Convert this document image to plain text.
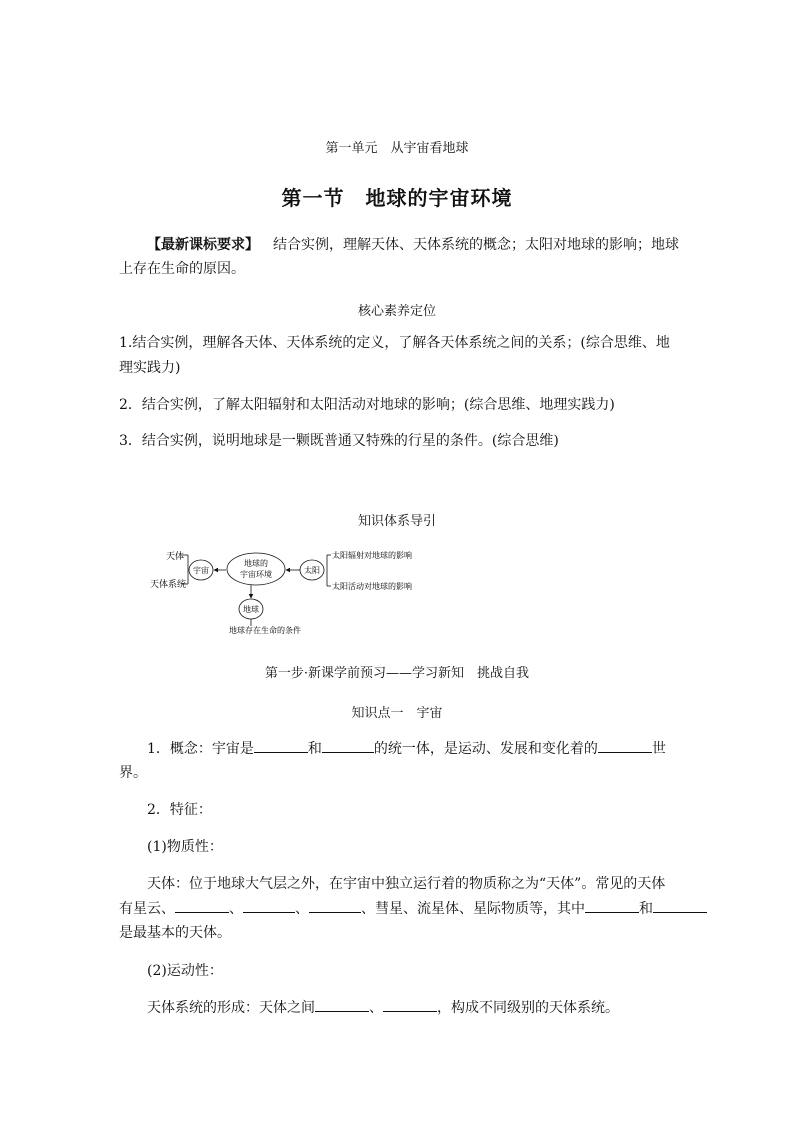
第一单元　从宇宙看地球
第一节　地球的宇宙环境
【最新课标要求】 结合实例，理解天体、天体系统的概念；太阳对地球的影响；地球
上存在生命的原因。
核心素养定位
1.结合实例，理解各天体、天体系统的定义，了解各天体系统之间的关系；(综合思维、地
理实践力)
2．结合实例，了解太阳辐射和太阳活动对地球的影响；(综合思维、地理实践力)
3．结合实例，说明地球是一颗既普通又特殊的行星的条件。(综合思维)
知识体系导引
天体
天体系统
宇宙
地球的
宇宙环境	太阳
太阳辐射对地球的影响
太阳活动对地球的影响
地球
地球存在生命的条件
第一步·新课学前预习——学习新知　挑战自我
知识点一　宇宙
1．概念：宇宙是	和	的统一体，是运动、发展和变化着的	世
界。
2．特征：
(1)物质性：
天体：位于地球大气层之外，在宇宙中独立运行着的物质称之为“天体”。常见的天体
有星云、	、	、	、彗星、流星体、星际物质等，其中	和
是最基本的天体。
(2)运动性：
天体系统的形成：天体之间	、	，构成不同级别的天体系统。
